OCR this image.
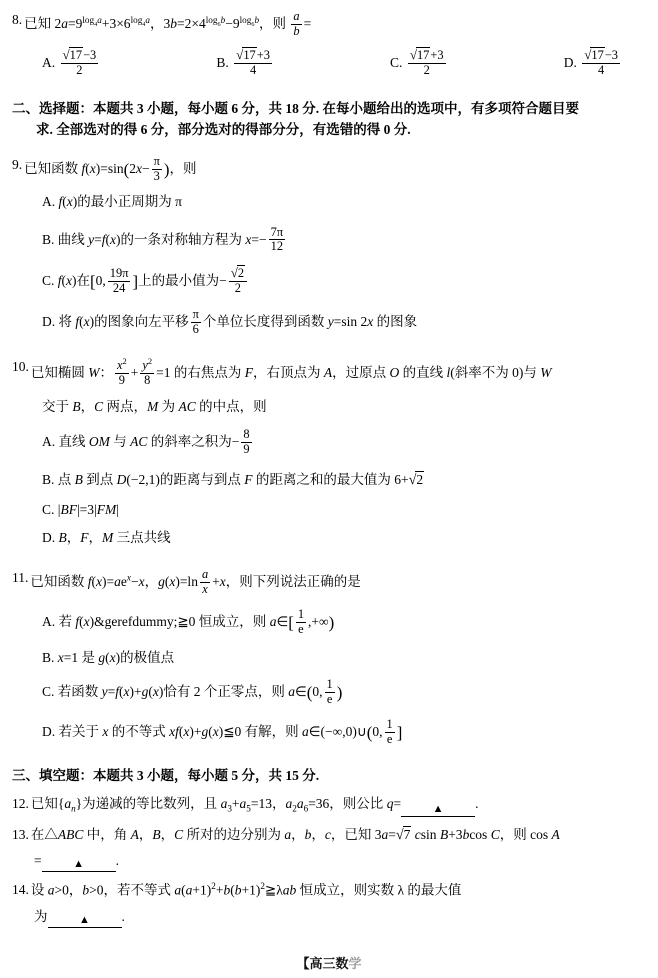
8. 已知 $2a=9^{log_4a}+3\times 6^{log_4a}$，$3b=2\times 4^{log_6b}-9^{log_6b}$，则 $\frac{a}{b}$ =
A. $\frac{√17-3}{2}$	B. $\frac{√17+3}{4}$	C. $\frac{√17+3}{2}$	D. $\frac{√17-3}{4}$
二、选择题：本题共 3 小题，每小题 6 分，共 18 分. 在每小题给出的选项中，有多项符合题目要
求. 全部选对的得 6 分，部分选对的得部分分，有选错的得 0 分.
9. 已知函数 $f(x)=\sin(2x- \frac{\pi}{3}$ )，则
A. f(x)的最小正周期为 π
B. 曲线 y=f(x)的一条对称轴方程为 $x=- \frac{7\pi}{12}$
C. f(x)在[0, $\frac{19\pi}{24}$ ]上的最小值为− $\frac{√2}{2}$
D. 将 f(x)的图象向左平移 $\frac{\pi}{6}$ 个单位长度得到函数 y=sin 2x 的图象
10. 已知椭圆 W： $\frac{x^2}{9} + \frac{y^2}{8} =1$ 的右焦点为 F，右顶点为 A，过原点 O 的直线 l(斜率不为 0)与 W
交于 B，C 两点，M 为 AC 的中点，则
A. 直线 OM 与 AC 的斜率之积为− $\frac{8}{9}$
B. 点 B 到点 D(−2,1)的距离与到点 F 的距离之和的最大值为 6+√2
C. |BF|=3|FM|
D. B，F，M 三点共线
11. 已知函数 $f(x)=ae^x-x$，$g(x)=\ln \frac{a}{x} +x$，则下列说法正确的是
A. 若 f(x)&gerefdummy;≧0 恒成立，则 a∈[ $\frac{1}{e}$ ,+∞)
B. x=1 是 g(x)的极值点
C. 若函数 y=f(x)+g(x)恰有 2 个正零点，则 a∈(0, $\frac{1}{e}$ )
D. 若关于 x 的不等式 xf(x)+g(x)≦0 有解，则 a∈(−∞,0)∪(0, $\frac{1}{e}$ ]
三、填空题：本题共 3 小题，每小题 5 分，共 15 分.
12. 已知$\{a_n\}$为递减的等比数列，且 $a_3+a_5=13$，$a_2a_6=36$，则公比 q=	▲ .
13. 在△ABC 中，角 A，B，C 所对的边分别为 a，b，c，已知 3a=√7 csin B+3bcos C，则 cos A
=	▲ .
14. 设 a>0，b>0，若不等式 $a(a+1)^2+b(b+1)^2≧\lambda ab$ 恒成立，则实数 λ 的最大值
为	▲ .
【高三数学
